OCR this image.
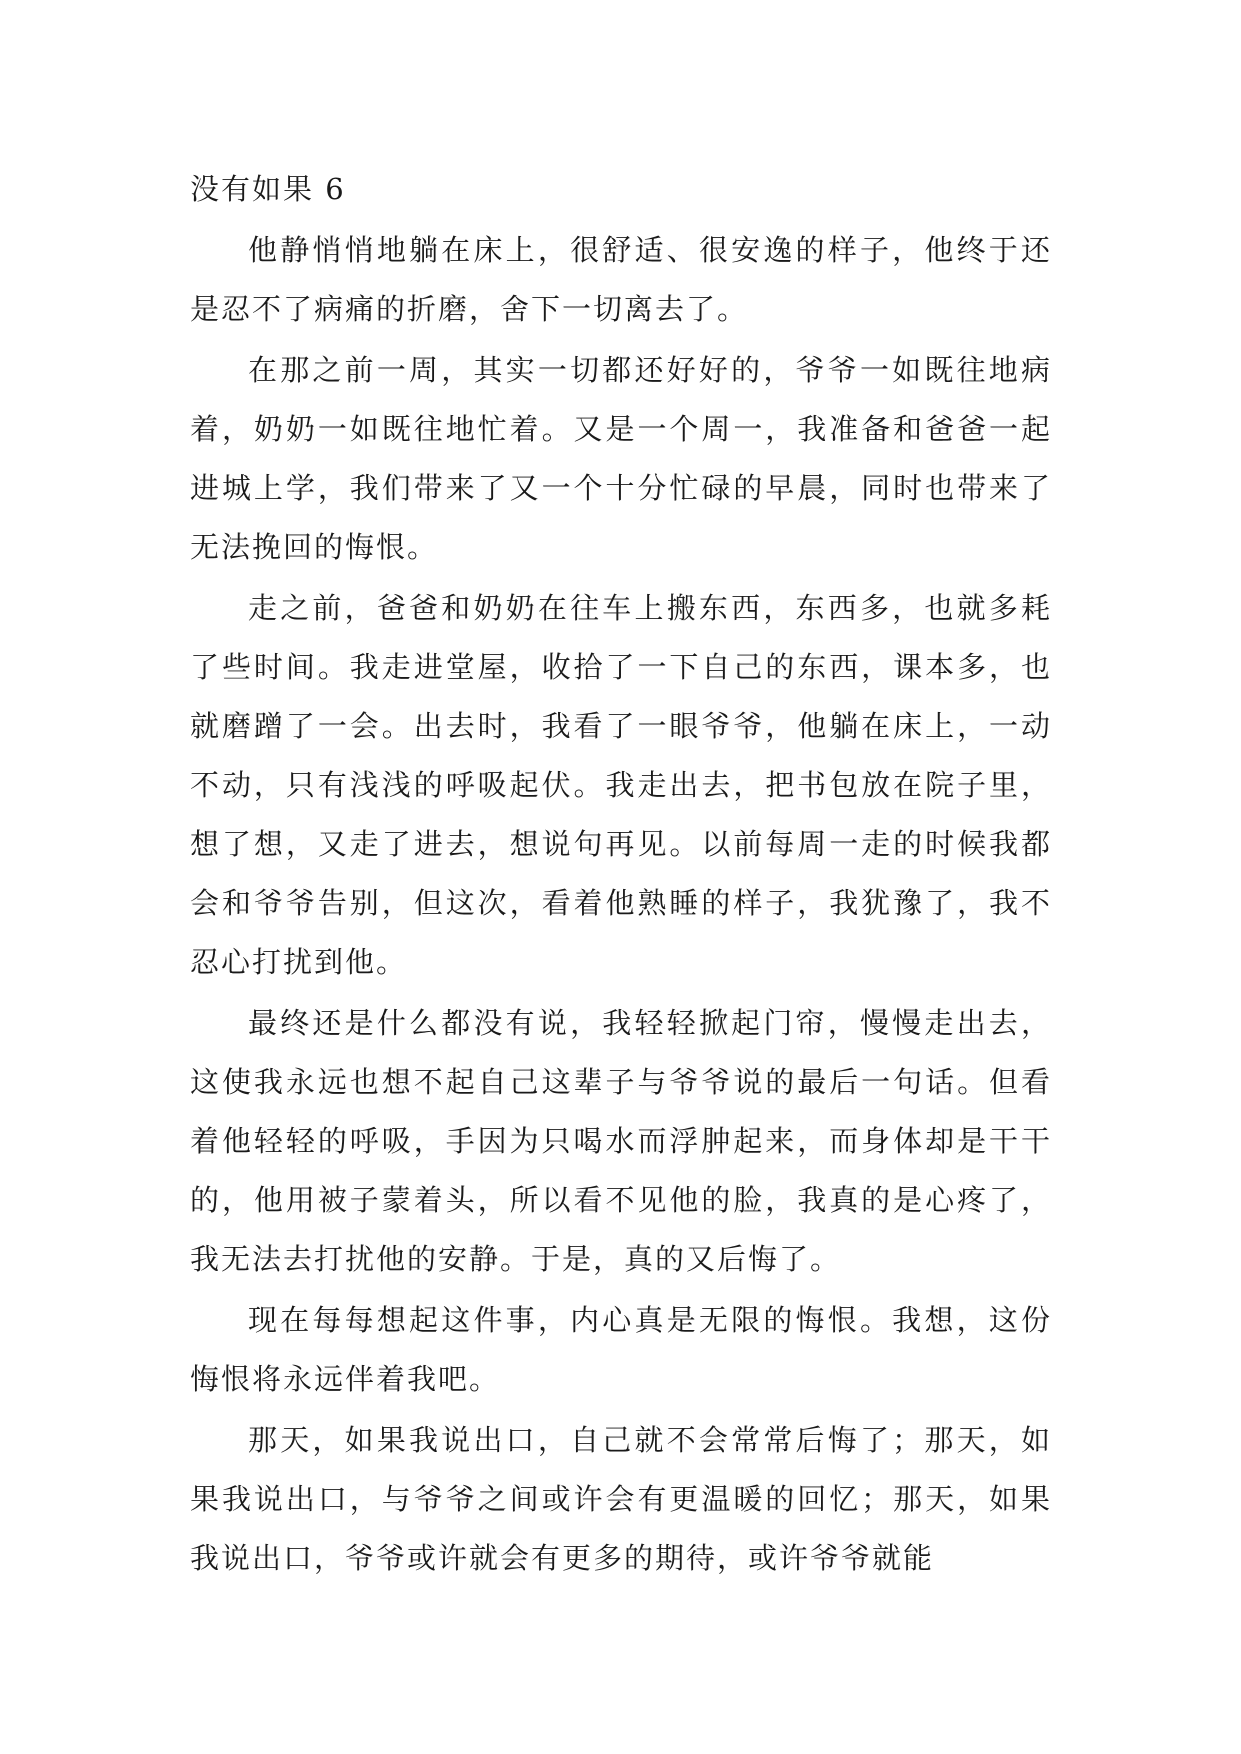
没有如果 6

他静悄悄地躺在床上，很舒适、很安逸的样子，他终于还是忍不了病痛的折磨，舍下一切离去了。

在那之前一周，其实一切都还好好的，爷爷一如既往地病着，奶奶一如既往地忙着。又是一个周一，我准备和爸爸一起进城上学，我们带来了又一个十分忙碌的早晨，同时也带来了无法挽回的悔恨。

走之前，爸爸和奶奶在往车上搬东西，东西多，也就多耗了些时间。我走进堂屋，收拾了一下自己的东西，课本多，也就磨蹭了一会。出去时，我看了一眼爷爷，他躺在床上，一动不动，只有浅浅的呼吸起伏。我走出去，把书包放在院子里，想了想，又走了进去，想说句再见。以前每周一走的时候我都会和爷爷告别，但这次，看着他熟睡的样子，我犹豫了，我不忍心打扰到他。

最终还是什么都没有说，我轻轻掀起门帘，慢慢走出去，这使我永远也想不起自己这辈子与爷爷说的最后一句话。但看着他轻轻的呼吸，手因为只喝水而浮肿起来，而身体却是干干的，他用被子蒙着头，所以看不见他的脸，我真的是心疼了，我无法去打扰他的安静。于是，真的又后悔了。

现在每每想起这件事，内心真是无限的悔恨。我想，这份悔恨将永远伴着我吧。

那天，如果我说出口，自己就不会常常后悔了；那天，如果我说出口，与爷爷之间或许会有更温暖的回忆；那天，如果我说出口，爷爷或许就会有更多的期待，或许爷爷就能
